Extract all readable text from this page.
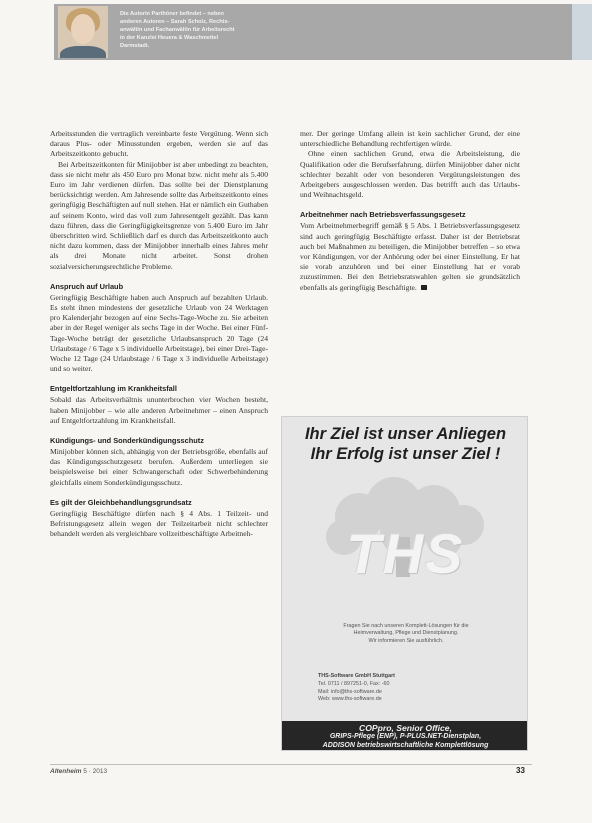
Die Autorin Parthöner befindet – neben
anderen Autoren – Sarah Scholz, Rechts-
anwältin und Fachanwältin für Arbeitsrecht
in der Kanzlei Heuera & Waschmeitel
Darmstadt.

Arbeitsstunden die vertraglich vereinbarte feste Vergütung. Wenn sich daraus Plus- oder Minusstunden ergeben, werden sie auf das Arbeitszeitkonto gebucht.

Bei Arbeitszeitkonten für Minijobber ist aber unbedingt zu beachten, dass sie nicht mehr als 450 Euro pro Monat bzw. nicht mehr als 5.400 Euro im Jahr verdienen dürfen. Das sollte bei der Dienstplanung berücksichtigt werden. Am Jahresende sollte das Arbeitszeitkonto eines geringfügig Beschäftigten auf null stehen. Hat er nämlich ein Guthaben auf seinem Konto, wird das voll zum Jahresentgelt gezählt. Das kann dazu führen, dass die Geringfügigkeitsgrenze von 5.400 Euro im Jahr überschritten wird. Schließlich darf es durch das Arbeitszeitkonto auch nicht dazu kommen, dass der Minijobber innerhalb eines Jahres mehr als drei Monate nicht arbeitet. Sonst drohen sozialversicherungsrechtliche Probleme.

Anspruch auf Urlaub

Geringfügig Beschäftigte haben auch Anspruch auf bezahlten Urlaub. Es steht ihnen mindestens der gesetzliche Urlaub von 24 Werktagen pro Kalenderjahr bezogen auf eine Sechs-Tage-Woche zu. Sie arbeiten aber in der Regel weniger als sechs Tage in der Woche. Bei einer Fünf-Tage-Woche beträgt der gesetzliche Urlaubsanspruch 20 Tage (24 Urlaubstage / 6 Tage x 5 individuelle Arbeitstage), bei einer Drei-Tage-Woche 12 Tage (24 Urlaubstage / 6 Tage x 3 individuelle Arbeitstage) und so weiter.

Entgeltfortzahlung im Krankheitsfall

Sobald das Arbeitsverhältnis ununterbrochen vier Wochen besteht, haben Minijobber – wie alle anderen Arbeitnehmer – einen Anspruch auf Entgeltfortzahlung im Krankheitsfall.

Kündigungs- und Sonderkündigungsschutz

Minijobber können sich, abhängig von der Betriebsgröße, ebenfalls auf das Kündigungsschutzgesetz berufen. Außerdem unterliegen sie beispielsweise bei einer Schwangerschaft oder Schwerbehinderung gleichfalls einem Sonderkündigungsschutz.

Es gilt der Gleichbehandlungsgrundsatz

Geringfügig Beschäftigte dürfen nach § 4 Abs. 1 Teilzeit- und Befristungsgesetz allein wegen der Teilzeitarbeit nicht schlechter behandelt werden als vergleichbare vollzeitbeschäftigte Arbeitneh-

mer. Der geringe Umfang allein ist kein sachlicher Grund, der eine unterschiedliche Behandlung rechtfertigen würde.

Ohne einen sachlichen Grund, etwa die Arbeitsleistung, die Qualifikation oder die Berufserfahrung, dürfen Minijobber daher nicht schlechter bezahlt oder von besonderen Vergütungsleistungen des Arbeitgebers ausgeschlossen werden. Das betrifft auch das Urlaubs- und Weihnachtsgeld.

Arbeitnehmer nach Betriebsverfassungsgesetz

Vom Arbeitnehmerbegriff gemäß § 5 Abs. 1 Betriebsverfassungsgesetz sind auch geringfügig Beschäftigte erfasst. Daher ist der Betriebsrat auch bei Maßnahmen zu beteiligen, die Minijobber betreffen – so etwa vor Kündigungen, vor der Anhörung oder bei einer Einstellung. Er hat sie vorab anzuhören und bei einer Einstellung hat er vorab zuzustimmen. Bei den Betriebsratswahlen gelten sie grundsätzlich ebenfalls als geringfügig Beschäftigte.

Ihr Ziel ist unser Anliegen
Ihr Erfolg ist unser Ziel !
THS
Fragen Sie nach unseren Komplett-Lösungen für die
Heimverwaltung, Pflege und Dienstplanung.
Wir informieren Sie ausführlich.
THS-Software GmbH Stuttgart
Tel. 0711 / 897251-0, Fax: -60
Mail: info@ths-software.de
Web: www.ths-software.de
COPpro, Senior Office,
GRIPS-Pflege (ENP), P-PLUS.NET-Dienstplan,
ADDISON betriebswirtschaftliche Komplettlösung
Altenheim 5 · 2013	33
